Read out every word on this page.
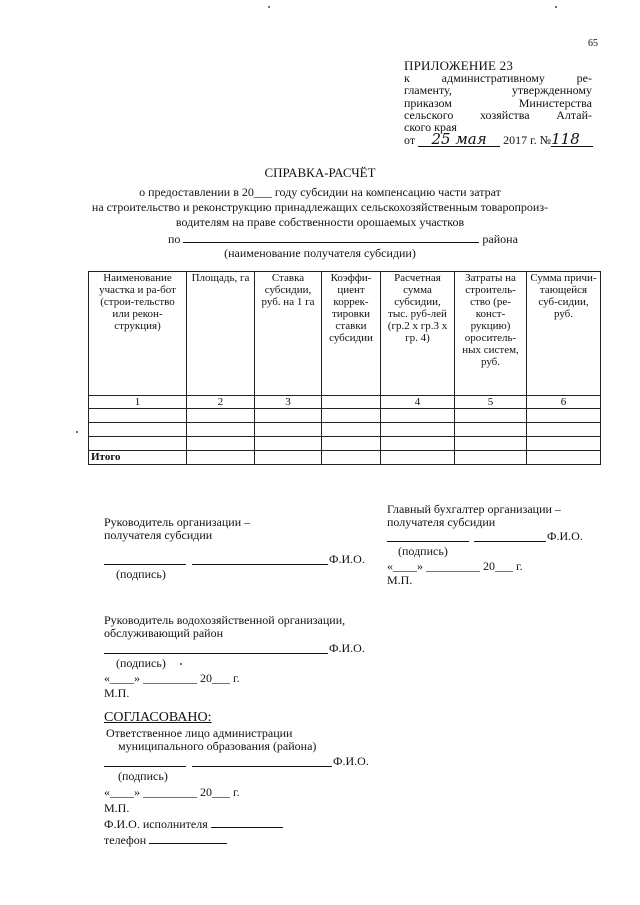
65
ПРИЛОЖЕНИЕ 23
к административному ре-
гламенту, утвержденному
приказом Министерства
сельского хозяйства Алтай-
ского края
от 25 мая 2017 г. №118
СПРАВКА-РАСЧЁТ
о предоставлении в 20___ году субсидии на компенсацию части затрат
на строительство и реконструкцию принадлежащих сельскохозяйственным товаропроиз-
водителям на праве собственности орошаемых участков
по	района
(наименование получателя субсидии)
Наименование участка и ра-бот (строи-тельство или рекон-струкция)	Площадь, га	Ставка субсидии, руб. на 1 га	Коэффи-циент коррек-тировки ставки субсидии	Расчетная сумма субсидии, тыс. руб-лей (гр.2 х гр.3 х гр. 4)	Затраты на строитель-ство (ре-конст-рукцию) ороситель-ных систем, руб.	Сумма причи-тающейся суб-сидии, руб.
1	2	3		4	5	6

Итого						
Главный бухгалтер организации –
получателя субсидии
Ф.И.О.
(подпись)
«____» _________ 20___ г.
М.П.
Руководитель организации –
получателя субсидии
Ф.И.О.
(подпись)
Руководитель водохозяйственной организации,
обслуживающий район
Ф.И.О.
(подпись)
«____» _________ 20___ г.
М.П.
СОГЛАСОВАНО:
Ответственное лицо администрации
муниципального образования (района)
Ф.И.О.
(подпись)
«____» _________ 20___ г.
М.П.
Ф.И.О. исполнителя
телефон
